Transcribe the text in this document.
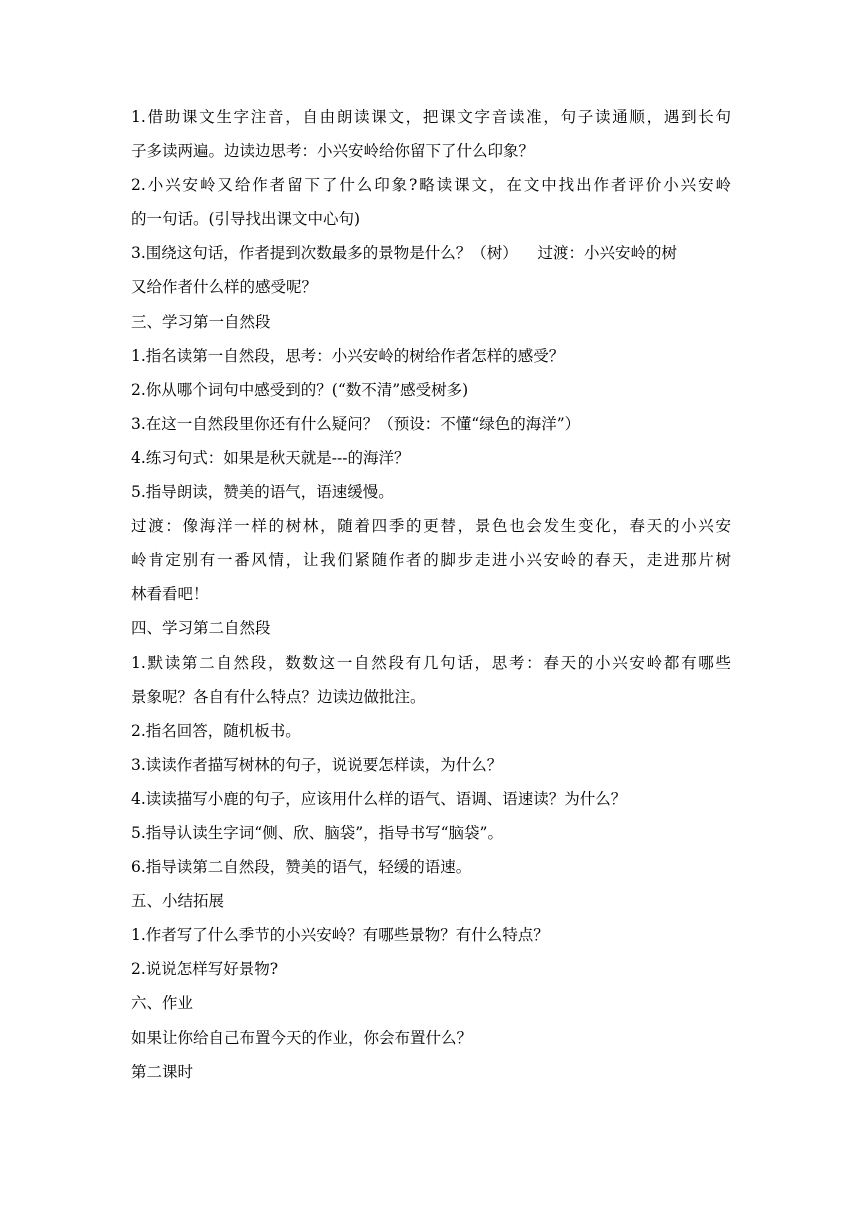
1.借助课文生字注音，自由朗读课文，把课文字音读准，句子读通顺，遇到长句
子多读两遍。边读边思考：小兴安岭给你留下了什么印象？
2.小兴安岭又给作者留下了什么印象?略读课文，在文中找出作者评价小兴安岭
的一句话。(引导找出课文中心句)
3.围绕这句话，作者提到次数最多的景物是什么？（树）    过渡：小兴安岭的树
又给作者什么样的感受呢？
三、学习第一自然段
1.指名读第一自然段，思考：小兴安岭的树给作者怎样的感受？
2.你从哪个词句中感受到的？(“数不清”感受树多)
3.在这一自然段里你还有什么疑问？（预设：不懂“绿色的海洋”）
4.练习句式：如果是秋天就是---的海洋？
5.指导朗读，赞美的语气，语速缓慢。
过渡：像海洋一样的树林，随着四季的更替，景色也会发生变化，春天的小兴安
岭肯定别有一番风情，让我们紧随作者的脚步走进小兴安岭的春天，走进那片树
林看看吧！
四、学习第二自然段
1.默读第二自然段，数数这一自然段有几句话，思考：春天的小兴安岭都有哪些
景象呢？各自有什么特点？边读边做批注。
2.指名回答，随机板书。
3.读读作者描写树林的句子，说说要怎样读，为什么？
4.读读描写小鹿的句子，应该用什么样的语气、语调、语速读？为什么？
5.指导认读生字词“侧、欣、脑袋”，指导书写“脑袋”。
6.指导读第二自然段，赞美的语气，轻缓的语速。
五、小结拓展
1.作者写了什么季节的小兴安岭？有哪些景物？有什么特点？
2.说说怎样写好景物?
六、作业
如果让你给自己布置今天的作业，你会布置什么？
第二课时
